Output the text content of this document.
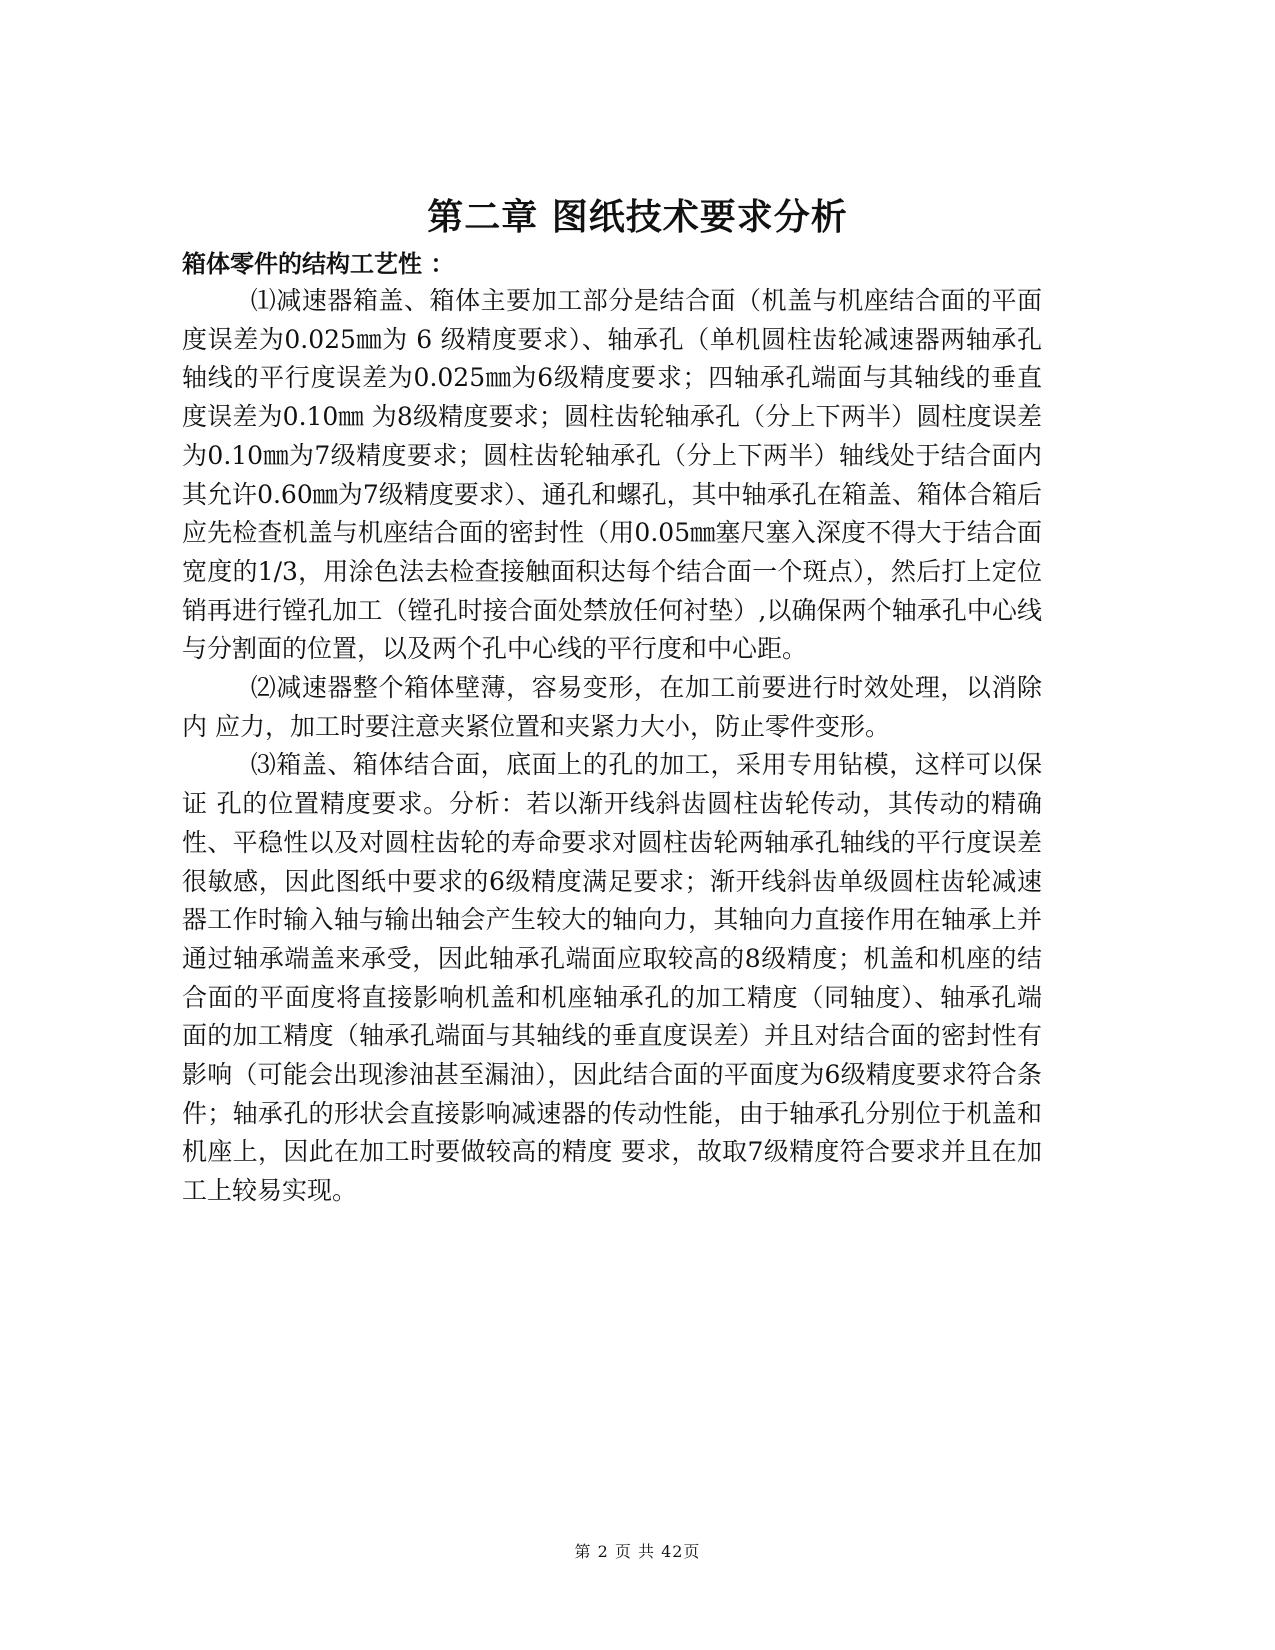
第二章 图纸技术要求分析
箱体零件的结构工艺性 ：

⑴减速器箱盖、箱体主要加工部分是结合面（机盖与机座结合面的平面度误差为0.025㎜为 6 级精度要求）、轴承孔（单机圆柱齿轮减速器两轴承孔轴线的平行度误差为0.025㎜为6级精度要求；四轴承孔端面与其轴线的垂直度误差为0.10㎜ 为8级精度要求；圆柱齿轮轴承孔（分上下两半）圆柱度误差为0.10㎜为7级精度要求；圆柱齿轮轴承孔（分上下两半）轴线处于结合面内其允许0.60㎜为7级精度要求）、通孔和螺孔，其中轴承孔在箱盖、箱体合箱后应先检查机盖与机座结合面的密封性（用0.05㎜塞尺塞入深度不得大于结合面宽度的1/3，用涂色法去检查接触面积达每个结合面一个斑点），然后打上定位销再进行镗孔加工（镗孔时接合面处禁放任何衬垫）,以确保两个轴承孔中心线与分割面的位置，以及两个孔中心线的平行度和中心距。

⑵减速器整个箱体壁薄，容易变形，在加工前要进行时效处理，以消除内 应力，加工时要注意夹紧位置和夹紧力大小，防止零件变形。

⑶箱盖、箱体结合面，底面上的孔的加工，采用专用钻模，这样可以保证 孔的位置精度要求。分析：若以渐开线斜齿圆柱齿轮传动，其传动的精确性、平稳性以及对圆柱齿轮的寿命要求对圆柱齿轮两轴承孔轴线的平行度误差很敏感，因此图纸中要求的6级精度满足要求；渐开线斜齿单级圆柱齿轮减速器工作时输入轴与输出轴会产生较大的轴向力，其轴向力直接作用在轴承上并通过轴承端盖来承受，因此轴承孔端面应取较高的8级精度；机盖和机座的结合面的平面度将直接影响机盖和机座轴承孔的加工精度（同轴度）、轴承孔端面的加工精度（轴承孔端面与其轴线的垂直度误差）并且对结合面的密封性有影响（可能会出现渗油甚至漏油），因此结合面的平面度为6级精度要求符合条件；轴承孔的形状会直接影响减速器的传动性能，由于轴承孔分别位于机盖和机座上，因此在加工时要做较高的精度 要求，故取7级精度符合要求并且在加工上较易实现。

第 2 页 共 42页
